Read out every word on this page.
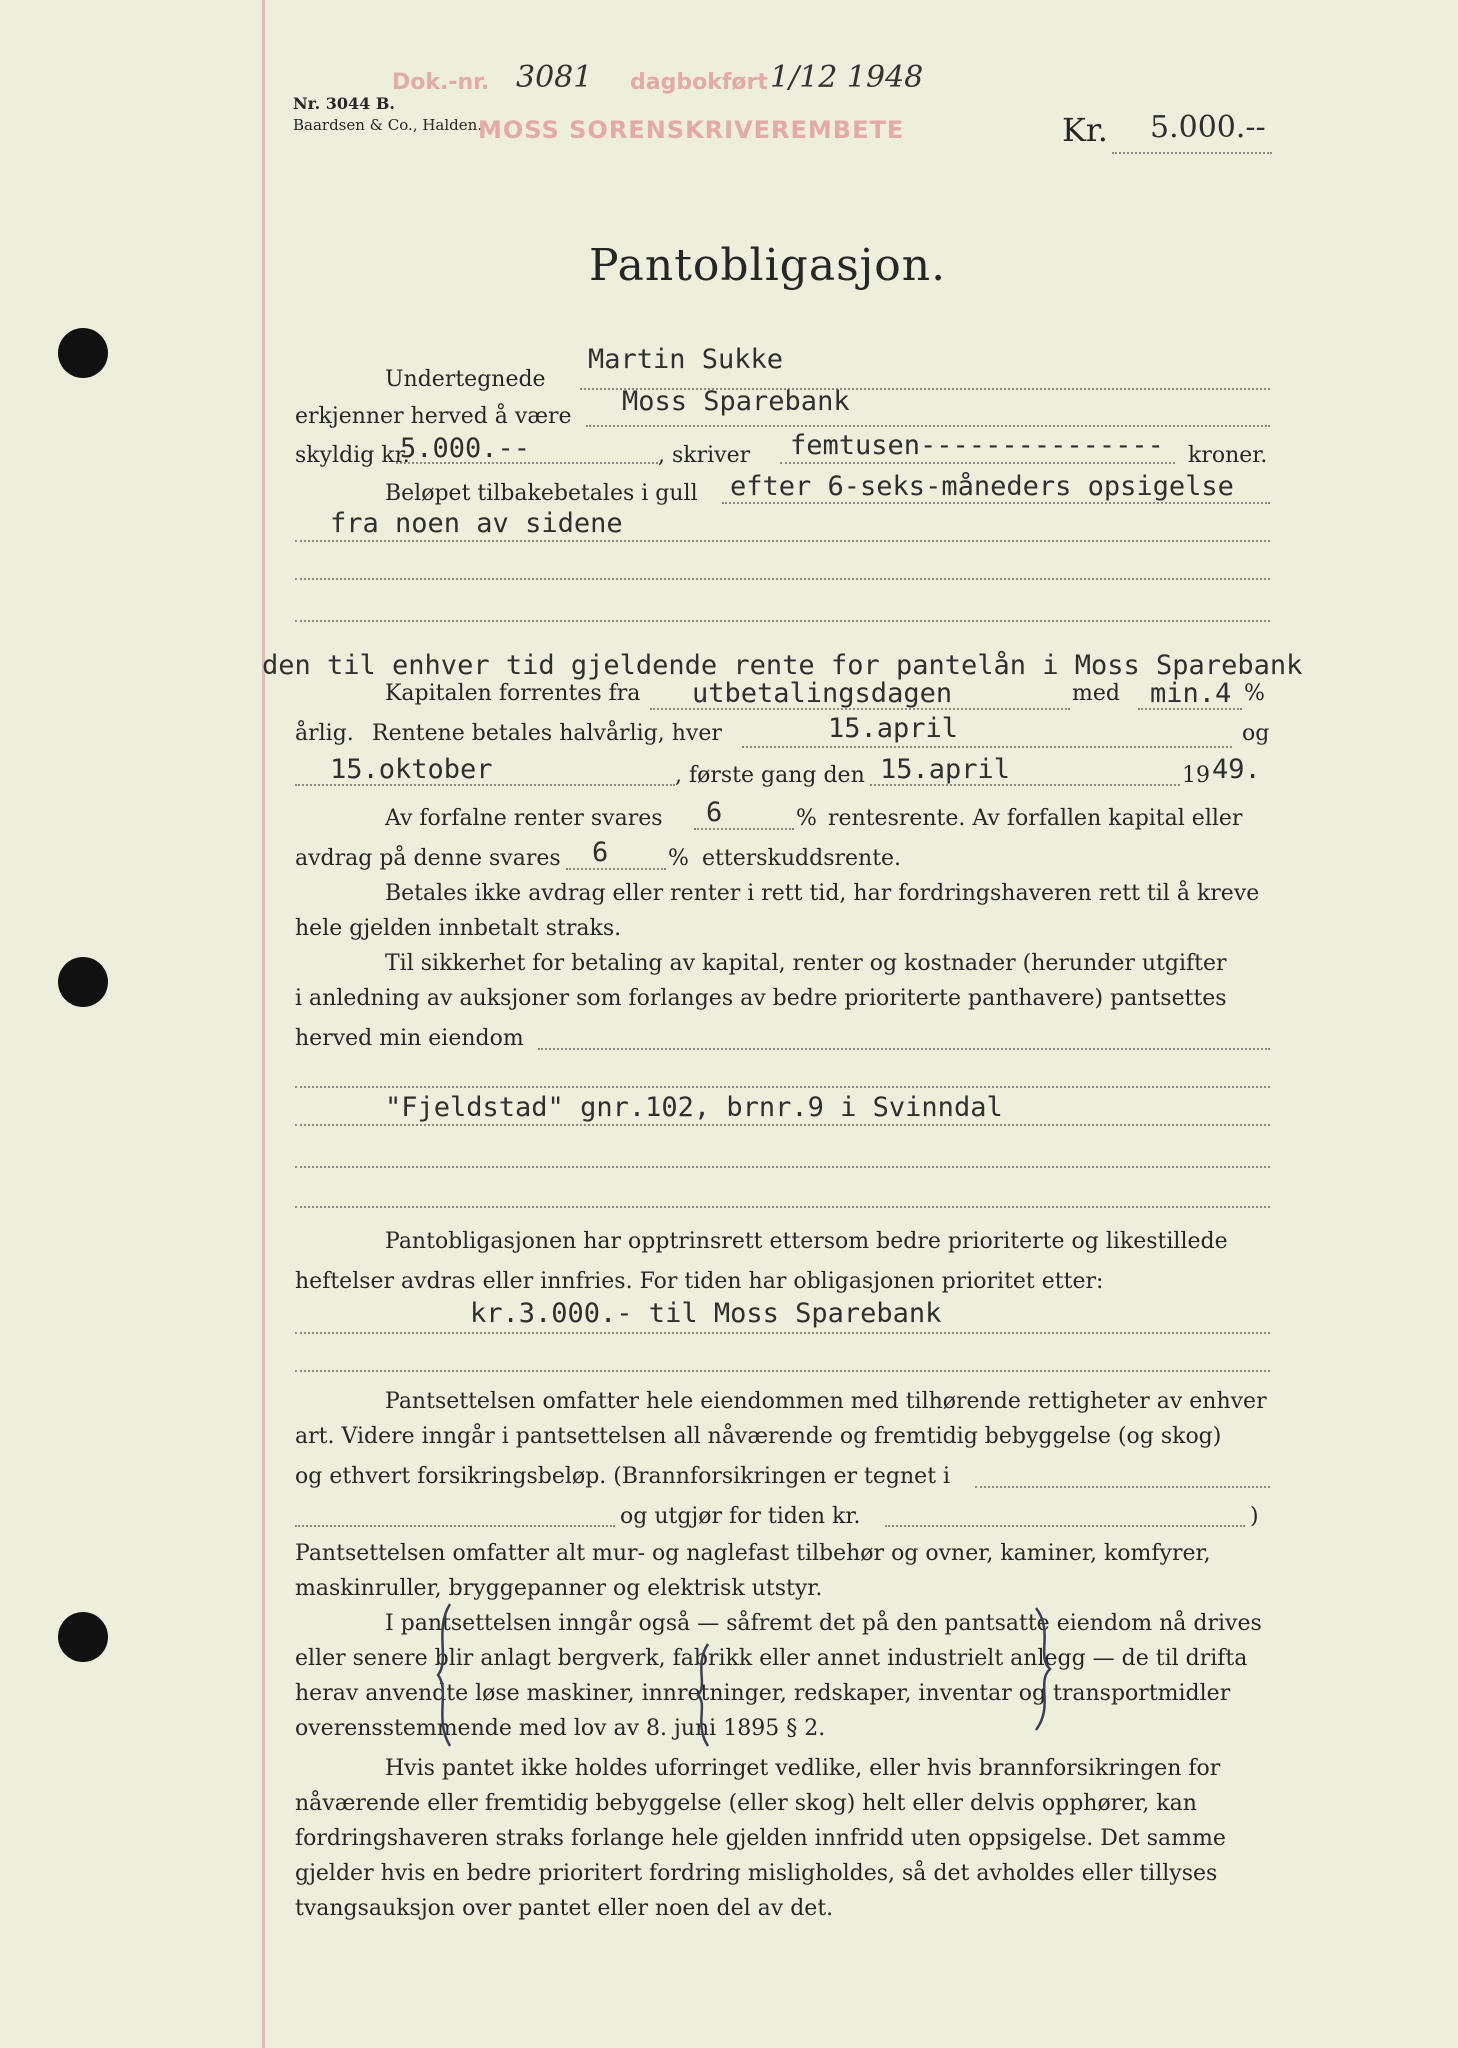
Nr. 3044 B.
Baardsen & Co., Halden.
Dok.-nr. 3081 dagbokført 1/12 1948
MOSS SORENSKRIVEREMBETE	Kr. 5.000.--
Pantobligasjon.
Undertegnede
Martin Sukke
erkjenner herved å være Moss Sparebank
skyldig kr.
5.000.--	, skriver femtusen--------------- kroner.
Beløpet tilbakebetales i gull efter 6-seks-måneders opsigelse
fra noen av sidene
den til enhver tid gjeldende rente for pantelån i Moss Sparebank
Kapitalen forrentes fra utbetalingsdagen	med min.4 %
årlig. Rentene betales halvårlig, hver	15.april	og
15.oktober	, første gang den 15.april	19 49.
Av forfalne renter svares 6	% rentesrente. Av forfallen kapital eller
avdrag på denne svares 6	% etterskuddsrente.
Betales ikke avdrag eller renter i rett tid, har fordringshaveren rett til å kreve
hele gjelden innbetalt straks.
Til sikkerhet for betaling av kapital, renter og kostnader (herunder utgifter
i anledning av auksjoner som forlanges av bedre prioriterte panthavere) pantsettes
herved min eiendom
"Fjeldstad" gnr.102, brnr.9 i Svinndal
Pantobligasjonen har opptrinsrett ettersom bedre prioriterte og likestillede
heftelser avdras eller innfries. For tiden har obligasjonen prioritet etter:
kr.3.000.- til Moss Sparebank
Pantsettelsen omfatter hele eiendommen med tilhørende rettigheter av enhver
art. Videre inngår i pantsettelsen all nåværende og fremtidig bebyggelse (og skog)
og ethvert forsikringsbeløp. (Brannforsikringen er tegnet i
og utgjør for tiden kr.	)
Pantsettelsen omfatter alt mur- og naglefast tilbehør og ovner, kaminer, komfyrer,
maskinruller, bryggepanner og elektrisk utstyr.
I pantsettelsen inngår også — såfremt det på den pantsatte eiendom nå drives
eller senere blir anlagt bergverk, fabrikk eller annet industrielt anlegg — de til drifta
herav anvendte løse maskiner, innretninger, redskaper, inventar og transportmidler
overensstemmende med lov av 8. juni 1895 § 2.
Hvis pantet ikke holdes uforringet vedlike, eller hvis brannforsikringen for
nåværende eller fremtidig bebyggelse (eller skog) helt eller delvis opphører, kan
fordringshaveren straks forlange hele gjelden innfridd uten oppsigelse. Det samme
gjelder hvis en bedre prioritert fordring misligholdes, så det avholdes eller tillyses
tvangsauksjon over pantet eller noen del av det.
